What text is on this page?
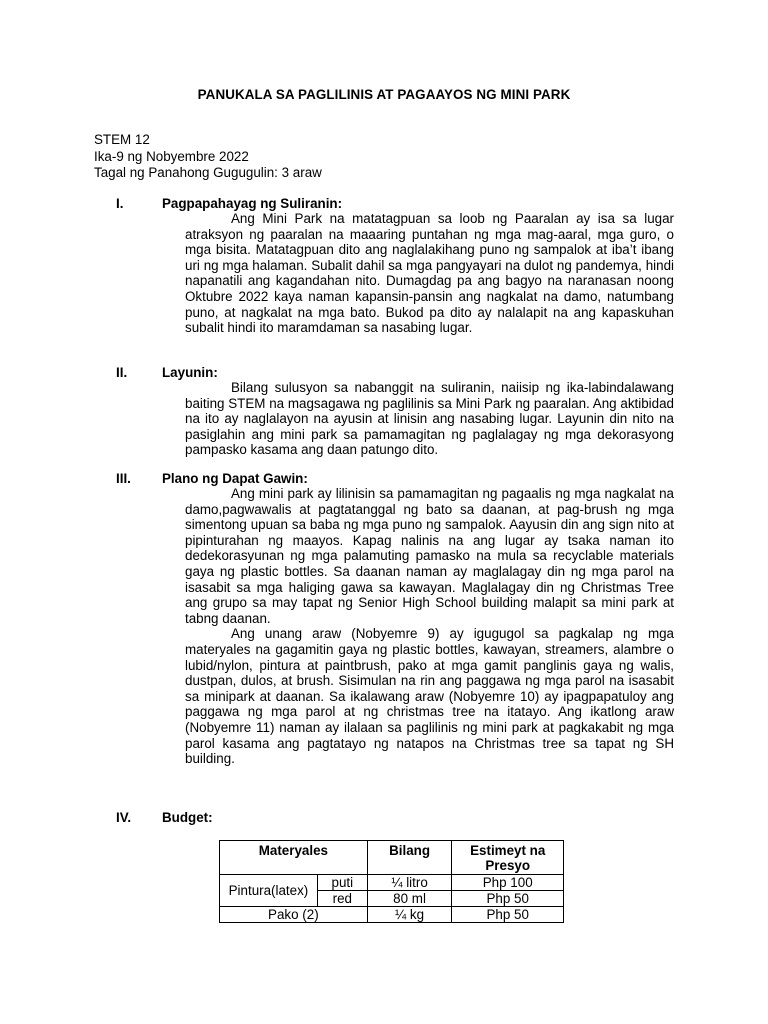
PANUKALA SA PAGLILINIS AT PAGAAYOS NG MINI PARK
STEM 12
Ika-9 ng Nobyembre 2022
Tagal ng Panahong Gugugulin: 3 araw
I.	Pagpapahayag ng Suliranin:

Ang Mini Park na matatagpuan sa loob ng Paaralan ay isa sa lugar atraksyon ng paaralan na maaaring puntahan ng mga mag-aaral, mga guro, o mga bisita. Matatagpuan dito ang naglalakihang puno ng sampalok at iba’t ibang uri ng mga halaman. Subalit dahil sa mga pangyayari na dulot ng pandemya, hindi napanatili ang kagandahan nito. Dumagdag pa ang bagyo na naranasan noong Oktubre 2022 kaya naman kapansin-pansin ang nagkalat na damo, natumbang puno, at nagkalat na mga bato. Bukod pa dito ay nalalapit na ang kapaskuhan subalit hindi ito maramdaman sa nasabing lugar.

II.	Layunin:

Bilang sulusyon sa nabanggit na suliranin, naiisip ng ika-labindalawang baiting STEM na magsagawa ng paglilinis sa Mini Park ng paaralan. Ang aktibidad na ito ay naglalayon na ayusin at linisin ang nasabing lugar. Layunin din nito na pasiglahin ang mini park sa pamamagitan ng paglalagay ng mga dekorasyong pampasko kasama ang daan patungo dito.

III. Plano ng Dapat Gawin:

Ang mini park ay lilinisin sa pamamagitan ng pagaalis ng mga nagkalat na damo,pagwawalis at pagtatanggal ng bato sa daanan, at pag-brush ng mga simentong upuan sa baba ng mga puno ng sampalok. Aayusin din ang sign nito at pipinturahan ng maayos. Kapag nalinis na ang lugar ay tsaka naman ito dedekorasyunan ng mga palamuting pamasko na mula sa recyclable materials gaya ng plastic bottles. Sa daanan naman ay maglalagay din ng mga parol na isasabit sa mga haliging gawa sa kawayan. Maglalagay din ng Christmas Tree ang grupo sa may tapat ng Senior High School building malapit sa mini park at tabng daanan.

Ang unang araw (Nobyemre 9) ay igugugol sa pagkalap ng mga materyales na gagamitin gaya ng plastic bottles, kawayan, streamers, alambre o lubid/nylon, pintura at paintbrush, pako at mga gamit panglinis gaya ng walis, dustpan, dulos, at brush. Sisimulan na rin ang paggawa ng mga parol na isasabit sa minipark at daanan. Sa ikalawang araw (Nobyemre 10) ay ipagpapatuloy ang paggawa ng mga parol at ng christmas tree na itatayo. Ang ikatlong araw (Nobyemre 11) naman ay ilalaan sa paglilinis ng mini park at pagkakabit ng mga parol kasama ang pagtatayo ng natapos na Christmas tree sa tapat ng SH building.

IV. Budget:
Materyales		Bilang	Estimeyt na Presyo
Pintura(latex)	puti	¼ litro	Php 100
	red	80 ml	Php 50
Pako (2)		¼ kg	Php 50
